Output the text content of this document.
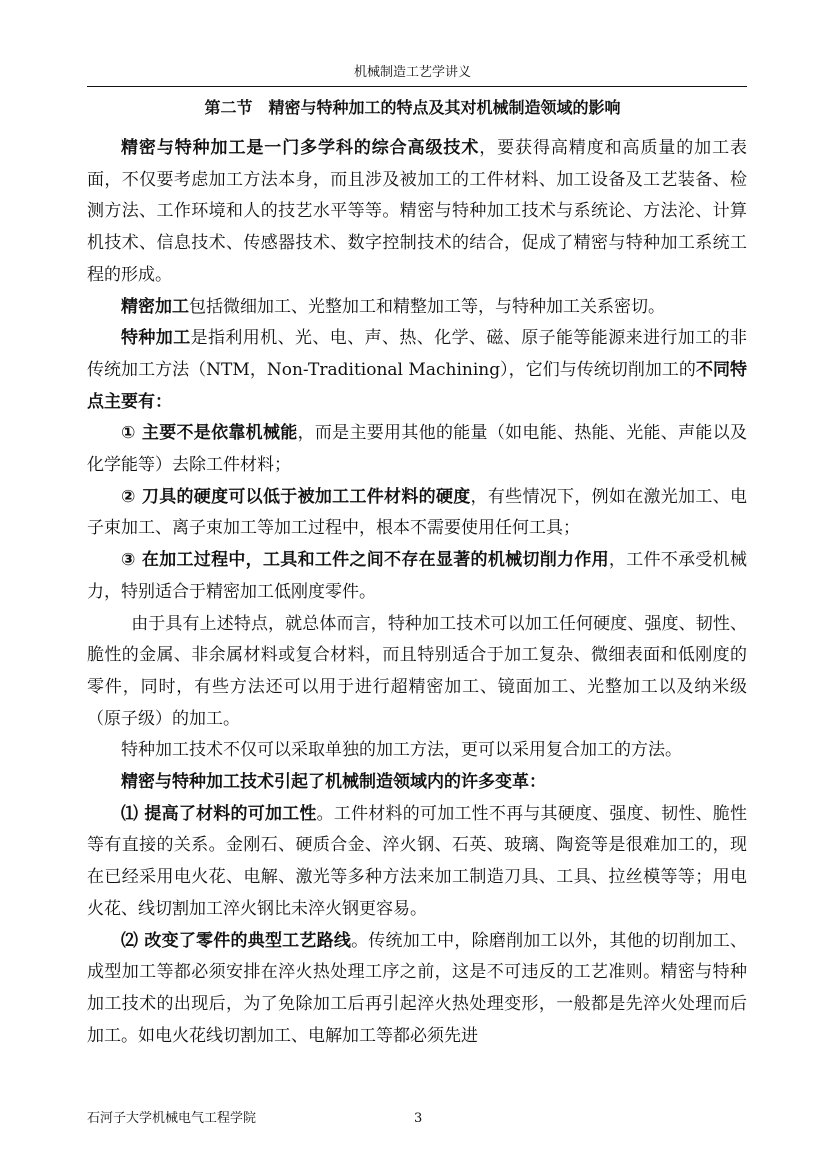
机械制造工艺学讲义
第二节　精密与特种加工的特点及其对机械制造领域的影响

精密与特种加工是一门多学科的综合高级技术，要获得高精度和高质量的加工表面，不仅要考虑加工方法本身，而且涉及被加工的工件材料、加工设备及工艺装备、检测方法、工作环境和人的技艺水平等等。精密与特种加工技术与系统论、方法沦、计算机技术、信息技术、传感器技术、数字控制技术的结合，促成了精密与特种加工系统工程的形成。

精密加工包括微细加工、光整加工和精整加工等，与特种加工关系密切。

特种加工是指利用机、光、电、声、热、化学、磁、原子能等能源来进行加工的非传统加工方法（NTM，Non-Traditional Machining），它们与传统切削加工的不同特点主要有：

① 主要不是依靠机械能，而是主要用其他的能量（如电能、热能、光能、声能以及化学能等）去除工件材料；

② 刀具的硬度可以低于被加工工件材料的硬度，有些情况下，例如在激光加工、电子束加工、离子束加工等加工过程中，根本不需要使用任何工具；

③ 在加工过程中，工具和工件之间不存在显著的机械切削力作用，工件不承受机械力，特别适合于精密加工低刚度零件。

由于具有上述特点，就总体而言，特种加工技术可以加工任何硬度、强度、韧性、脆性的金属、非余属材料或复合材料，而且特别适合于加工复杂、微细表面和低刚度的零件，同时，有些方法还可以用于进行超精密加工、镜面加工、光整加工以及纳米级（原子级）的加工。

特种加工技术不仅可以采取单独的加工方法，更可以采用复合加工的方法。

精密与特种加工技术引起了机械制造领域内的许多变革：

⑴ 提高了材料的可加工性。工件材料的可加工性不再与其硬度、强度、韧性、脆性等有直接的关系。金刚石、硬质合金、淬火钢、石英、玻璃、陶瓷等是很难加工的，现在已经采用电火花、电解、激光等多种方法来加工制造刀具、工具、拉丝模等等；用电火花、线切割加工淬火钢比未淬火钢更容易。

⑵ 改变了零件的典型工艺路线。传统加工中，除磨削加工以外，其他的切削加工、成型加工等都必须安排在淬火热处理工序之前，这是不可违反的工艺准则。精密与特种加工技术的出现后，为了免除加工后再引起淬火热处理变形，一般都是先淬火处理而后加工。如电火花线切割加工、电解加工等都必须先进

石河子大学机械电气工程学院	3
